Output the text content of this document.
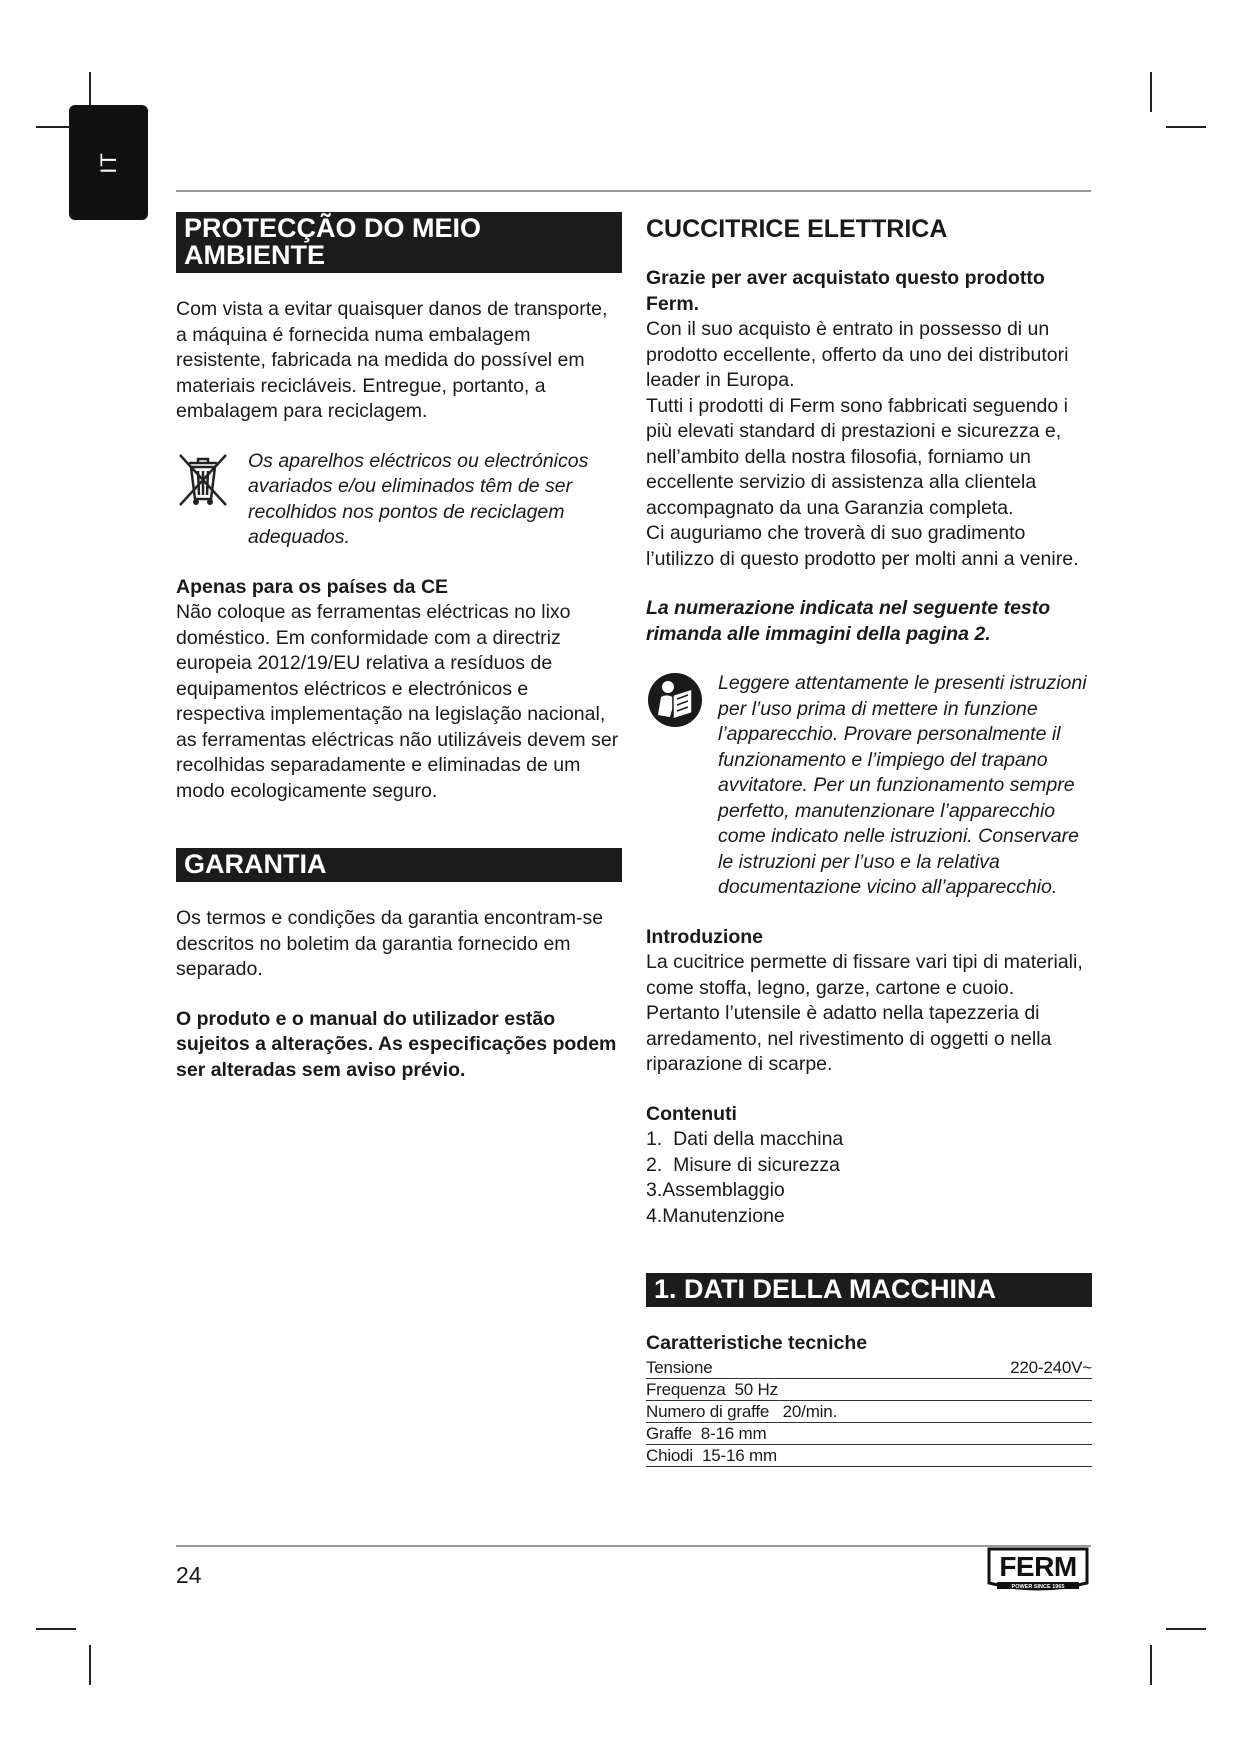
IT
PROTECÇÃO DO MEIO
AMBIENTE

Com vista a evitar quaisquer danos de transporte, a máquina é fornecida numa embalagem resistente, fabricada na medida do possível em materiais recicláveis. Entregue, portanto, a embalagem para reciclagem.

Os aparelhos eléctricos ou electrónicos avariados e/ou eliminados têm de ser recolhidos nos pontos de reciclagem adequados.

Apenas para os países da CE

Não coloque as ferramentas eléctricas no lixo doméstico. Em conformidade com a directriz europeia 2012/19/EU relativa a resíduos de equipamentos eléctricos e electrónicos e respectiva implementação na legislação nacional, as ferramentas eléctricas não utilizáveis devem ser recolhidas separadamente e eliminadas de um modo ecologicamente seguro.

GARANTIA

Os termos e condições da garantia encontram-se descritos no boletim da garantia fornecido em separado.

O produto e o manual do utilizador estão sujeitos a alterações. As especificações podem ser alteradas sem aviso prévio.

CUCCITRICE ELETTRICA

Grazie per aver acquistato questo prodotto Ferm.

Con il suo acquisto è entrato in possesso di un prodotto eccellente, offerto da uno dei distributori leader in Europa.
Tutti i prodotti di Ferm sono fabbricati seguendo i più elevati standard di prestazioni e sicurezza e, nell’ambito della nostra filosofia, forniamo un eccellente servizio di assistenza alla clientela accompagnato da una Garanzia completa.
Ci auguriamo che troverà di suo gradimento l’utilizzo di questo prodotto per molti anni a venire.

La numerazione indicata nel seguente testo rimanda alle immagini della pagina 2.

Leggere attentamente le presenti istruzioni per l’uso prima di mettere in funzione l’apparecchio. Provare personalmente il funzionamento e l’impiego del trapano avvitatore. Per un funzionamento sempre perfetto, manutenzionare l’apparecchio come indicato nelle istruzioni. Conservare le istruzioni per l’uso e la relativa documentazione vicino all’apparecchio.

Introduzione

La cucitrice permette di fissare vari tipi di materiali, come stoffa, legno, garze, cartone e cuoio. Pertanto l’utensile è adatto nella tapezzeria di arredamento, nel rivestimento di oggetti o nella riparazione di scarpe.

Contenuti

1.  Dati della macchina
2.  Misure di sicurezza
3.Assemblaggio
4.Manutenzione
1. DATI DELLA MACCHINA

Caratteristiche tecniche

Tensione	220-240V~
Frequenza  50 Hz
Numero di graffe   20/min.
Graffe  8-16 mm
Chiodi  15-16 mm
24	FERM
POWER SINCE 1965
